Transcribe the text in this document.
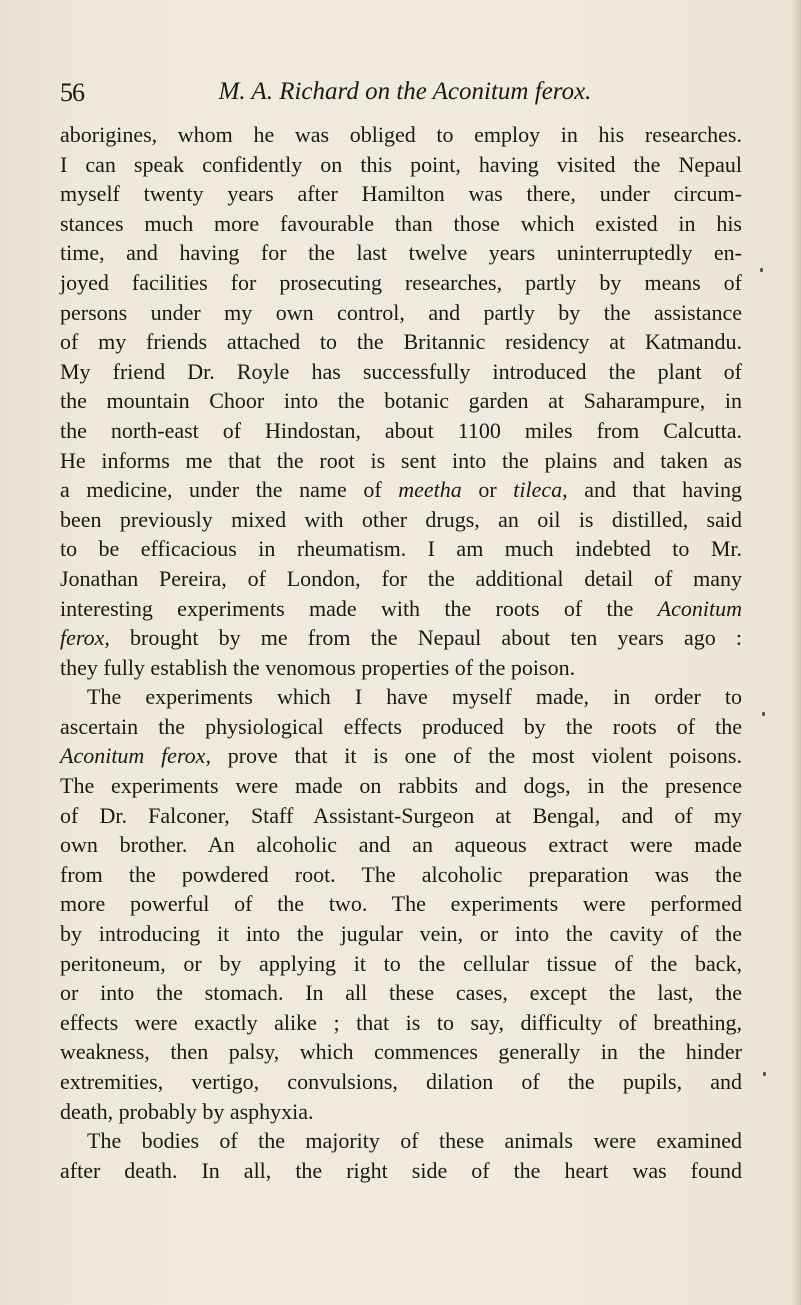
56	M. A. Richard on the Aconitum ferox.
aborigines, whom he was obliged to employ in his researches.
I can speak confidently on this point, having visited the Nepaul
myself twenty years after Hamilton was there, under circum-
stances much more favourable than those which existed in his
time, and having for the last twelve years uninterruptedly en-
joyed facilities for prosecuting researches, partly by means of
persons under my own control, and partly by the assistance
of my friends attached to the Britannic residency at Katmandu.
My friend Dr. Royle has successfully introduced the plant of
the mountain Choor into the botanic garden at Saharampure, in
the north-east of Hindostan, about 1100 miles from Calcutta.
He informs me that the root is sent into the plains and taken as
a medicine, under the name of meetha or tileca, and that having
been previously mixed with other drugs, an oil is distilled, said
to be efficacious in rheumatism. I am much indebted to Mr.
Jonathan Pereira, of London, for the additional detail of many
interesting experiments made with the roots of the Aconitum
ferox, brought by me from the Nepaul about ten years ago :
they fully establish the venomous properties of the poison.
The experiments which I have myself made, in order to
ascertain the physiological effects produced by the roots of the
Aconitum ferox, prove that it is one of the most violent poisons.
The experiments were made on rabbits and dogs, in the presence
of Dr. Falconer, Staff Assistant-Surgeon at Bengal, and of my
own brother. An alcoholic and an aqueous extract were made
from the powdered root. The alcoholic preparation was the
more powerful of the two. The experiments were performed
by introducing it into the jugular vein, or into the cavity of the
peritoneum, or by applying it to the cellular tissue of the back,
or into the stomach. In all these cases, except the last, the
effects were exactly alike ; that is to say, difficulty of breathing,
weakness, then palsy, which commences generally in the hinder
extremities, vertigo, convulsions, dilation of the pupils, and
death, probably by asphyxia.
The bodies of the majority of these animals were examined
after death. In all, the right side of the heart was found
